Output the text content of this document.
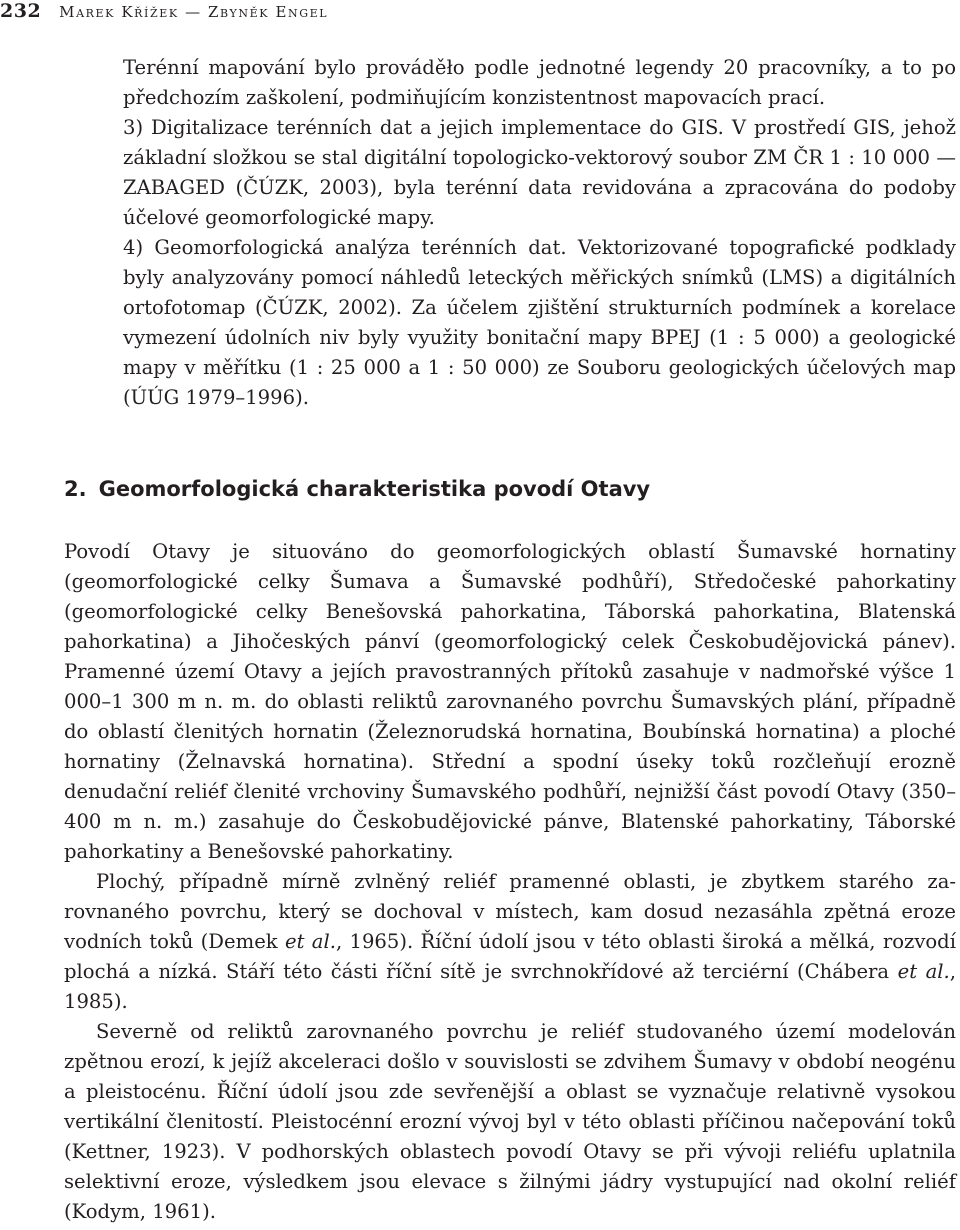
232 Marek Křížek — Zbyněk Engel

Terénní mapování bylo prováděło podle jednotné legendy 20 pracovníky, a to po předchozím zaškolení, podmiňujícím konzistentnost mapovacích prací.

3) Digitalizace terénních dat a jejich implementace do GIS. V prostředí GIS, jehož základní složkou se stal digitální topologicko-vektorový soubor ZM ČR 1 : 10 000 — ZABAGED (ČÚZK, 2003), byla terénní data revidována a zpracována do podoby účelové geomorfologické mapy.

4) Geomorfologická analýza terénních dat. Vektorizované topografické podklady byly analyzovány pomocí náhledů leteckých měřických snímků (LMS) a digitálních ortofotomap (ČÚZK, 2002). Za účelem zjištění strukturních podmínek a korelace vymezení údolních niv byly využity bonitační mapy BPEJ (1 : 5 000) a geologické mapy v měřítku (1 : 25 000 a 1 : 50 000) ze Souboru geologických účelových map (ÚÚG 1979–1996).

2. Geomorfologická charakteristika povodí Otavy

Povodí Otavy je situováno do geomorfologických oblastí Šumavské hornatiny (geomorfologické celky Šumava a Šumavské podhůří), Středočeské pahorkatiny (geomorfologické celky Benešovská pahorkatina, Táborská pahorkatina, Blatenská pahorkatina) a Jihočeských pánví (geomorfologický celek Českobudějovická pánev). Pramenné území Otavy a jejích pravostranných přítoků zasahuje v nadmořské výšce 1 000–1 300 m n. m. do oblasti reliktů zarovnaného povrchu Šumavských plání, případně do oblastí členitých hornatin (Železnorudská hornatina, Boubínská hornatina) a ploché hornatiny (Želnavská hornatina). Střední a spodní úseky toků rozčleňují erozně denudační reliéf členité vrchoviny Šumavského podhůří, nejnižší část povodí Otavy (350–400 m n. m.) zasahuje do Českobudějovické pánve, Blatenské pahorkatiny, Táborské pahorkatiny a Benešovské pahorkatiny.

Plochý, případně mírně zvlněný reliéf pramenné oblasti, je zbytkem starého zarovnaného povrchu, který se dochoval v místech, kam dosud nezasáhla zpětná eroze vodních toků (Demek et al., 1965). Říční údolí jsou v této oblasti široká a mělká, rozvodí plochá a nízká. Stáří této části říční sítě je svrchnokřídové až terciérní (Chábera et al., 1985).

Severně od reliktů zarovnaného povrchu je reliéf studovaného území modelován zpětnou erozí, k jejíž akceleraci došlo v souvislosti se zdvihem Šumavy v období neogénu a pleistocénu. Říční údolí jsou zde sevřenější a oblast se vyznačuje relativně vysokou vertikální členitostí. Pleistocénní erozní vývoj byl v této oblasti příčinou načepování toků (Kettner, 1923). V podhorských oblastech povodí Otavy se při vývoji reliéfu uplatnila selektivní eroze, výsledkem jsou elevace s žilnými jádry vystupující nad okolní reliéf (Kodym, 1961).
